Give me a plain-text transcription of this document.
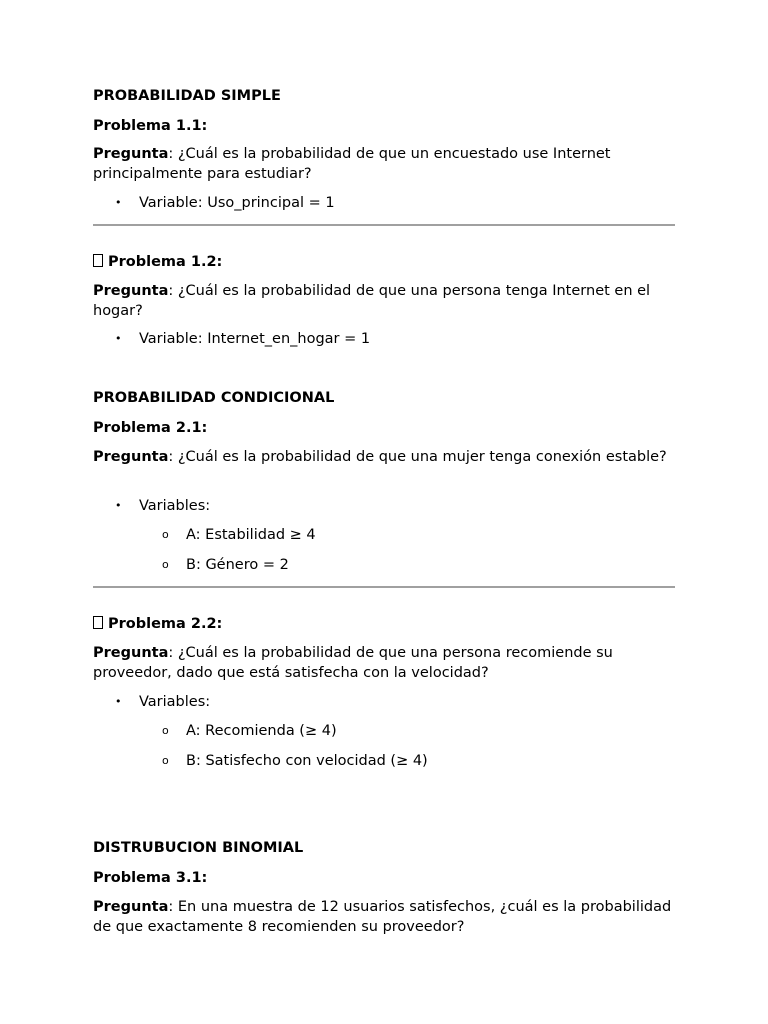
PROBABILIDAD SIMPLE
Problema 1.1:
Pregunta: ¿Cuál es la probabilidad de que un encuestado use Internet principalmente para estudiar?
• Variable: Uso_principal = 1
Problema 1.2:
Pregunta: ¿Cuál es la probabilidad de que una persona tenga Internet en el hogar?
• Variable: Internet_en_hogar = 1
PROBABILIDAD CONDICIONAL
Problema 2.1:
Pregunta: ¿Cuál es la probabilidad de que una mujer tenga conexión estable?
• Variables:
o A: Estabilidad ≥ 4
o B: Género = 2
Problema 2.2:
Pregunta: ¿Cuál es la probabilidad de que una persona recomiende su proveedor, dado que está satisfecha con la velocidad?
• Variables:
o A: Recomienda (≥ 4)
o B: Satisfecho con velocidad (≥ 4)
DISTRUBUCION BINOMIAL
Problema 3.1:
Pregunta: En una muestra de 12 usuarios satisfechos, ¿cuál es la probabilidad de que exactamente 8 recomienden su proveedor?
